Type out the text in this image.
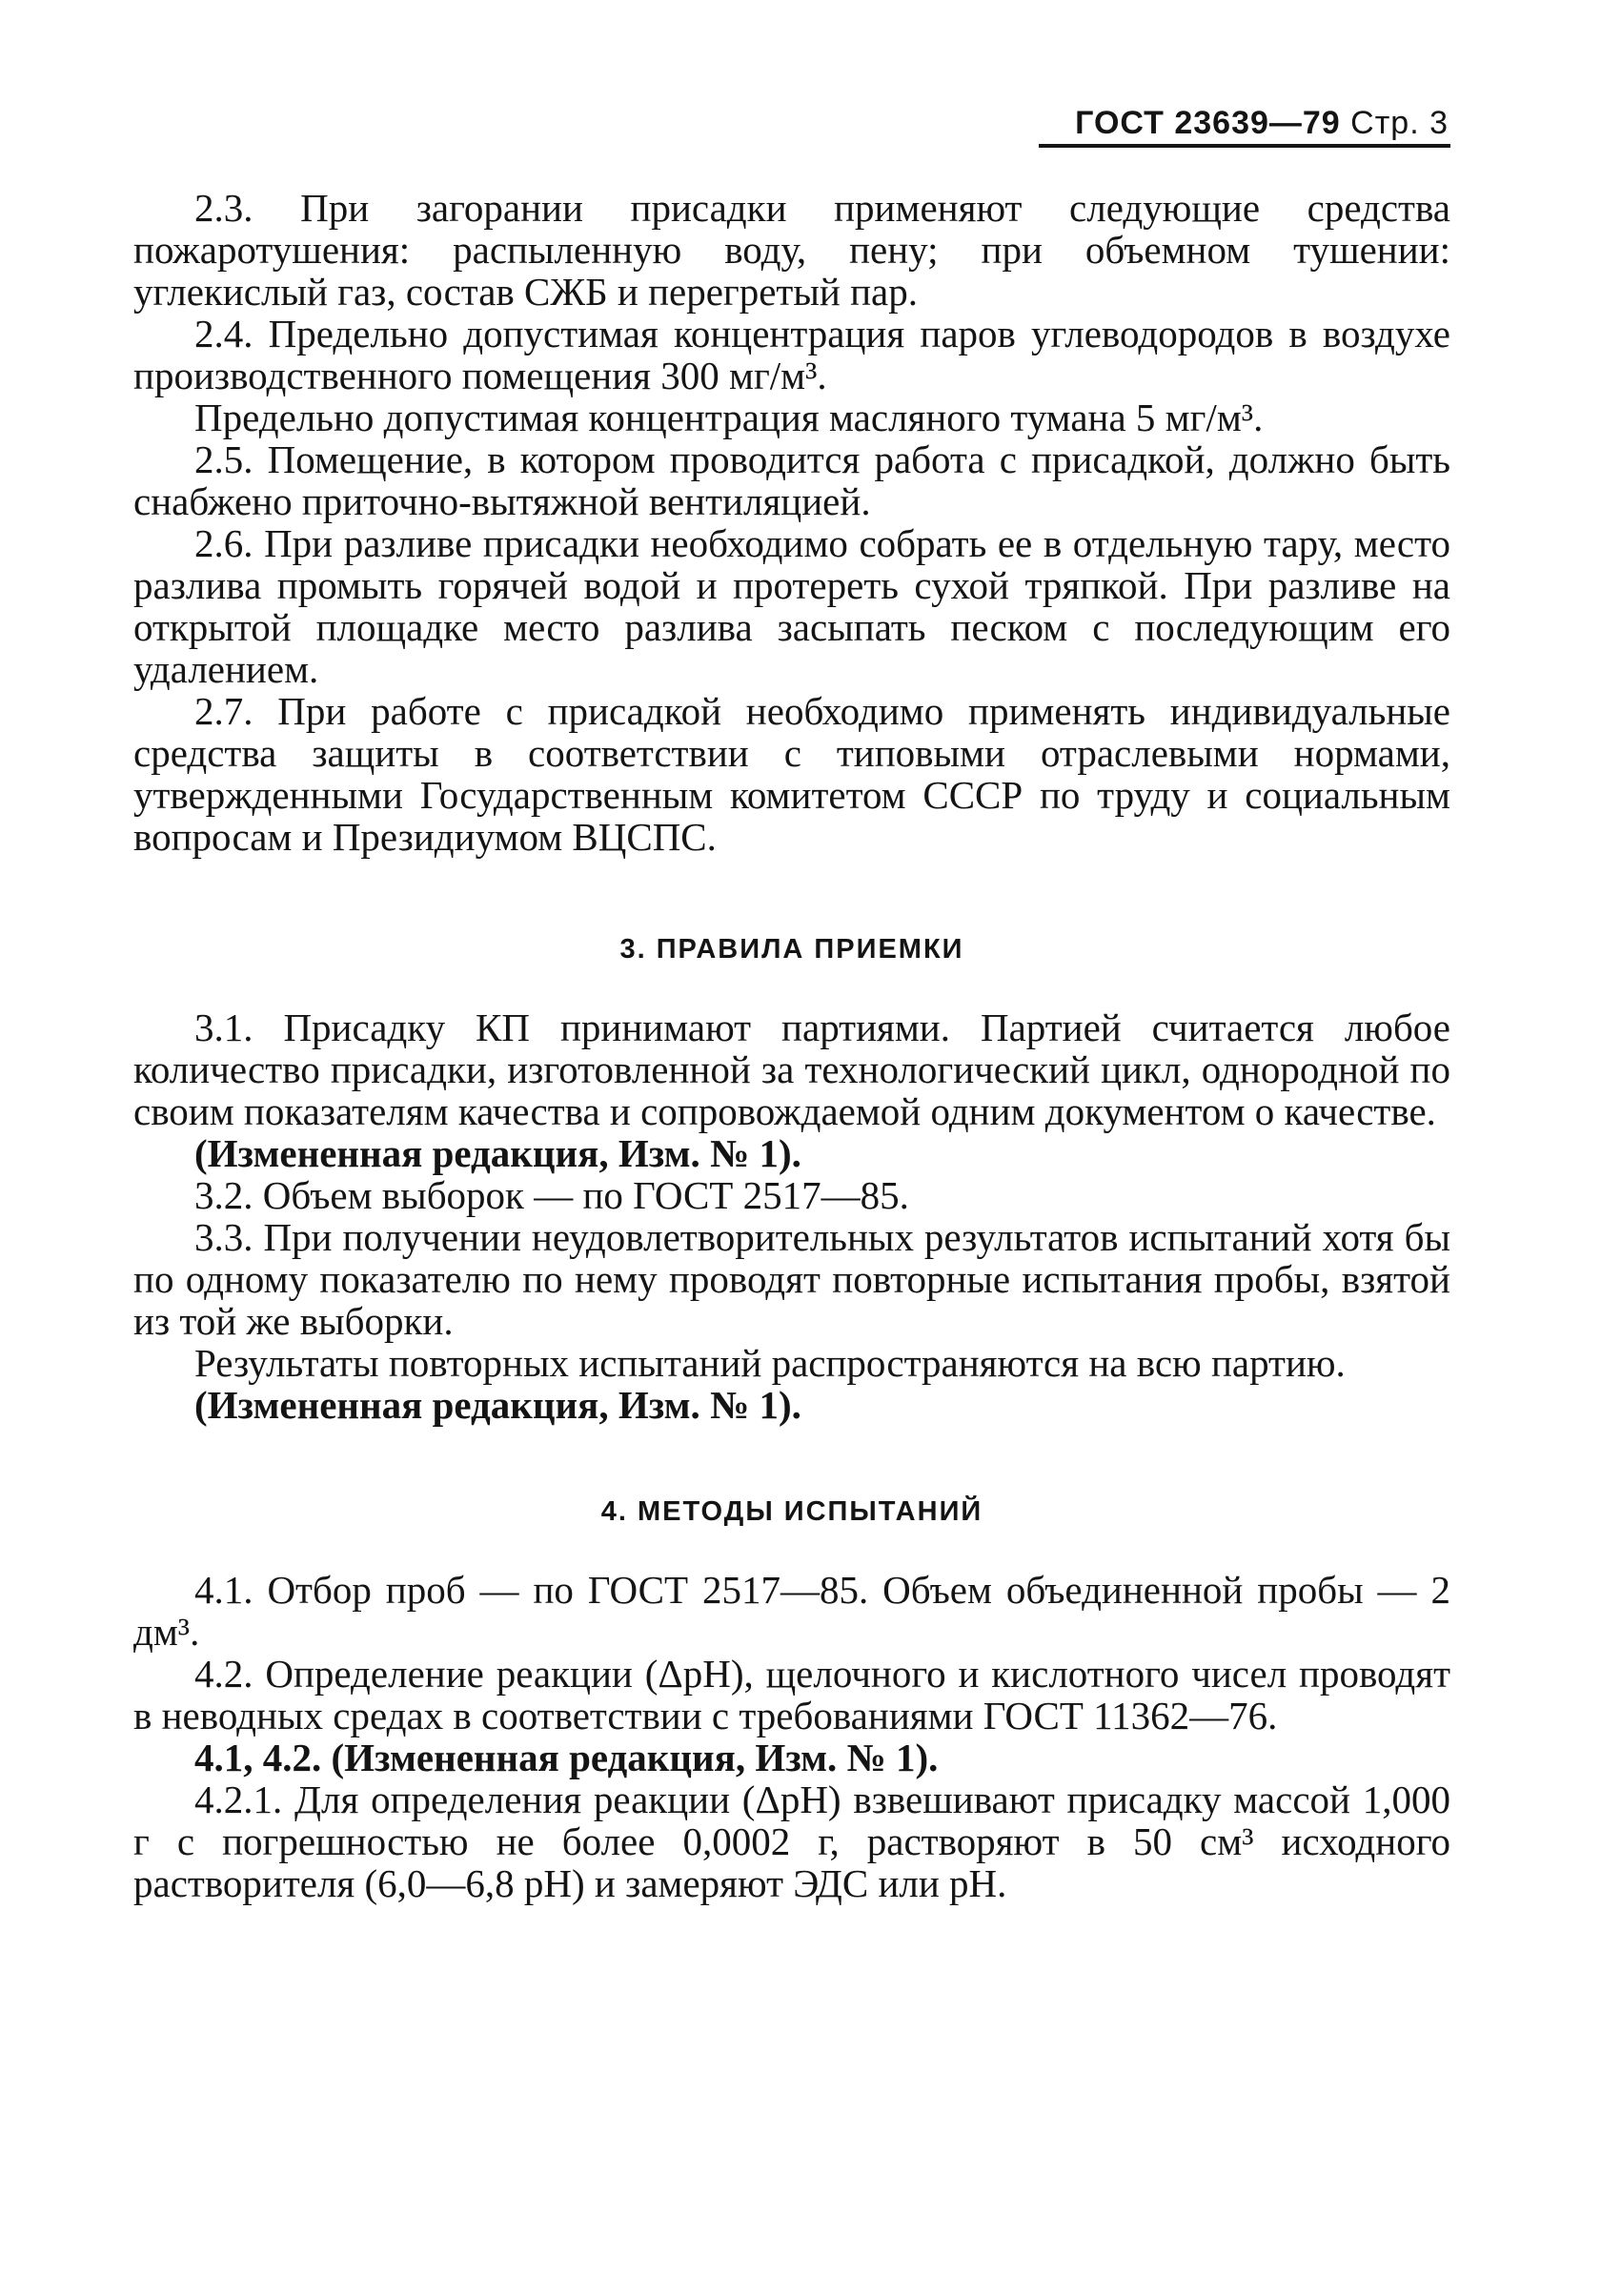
ГОСТ 23639—79 Стр. 3

2.3. При загорании присадки применяют следующие средства пожаротушения: распыленную воду, пену; при объемном тушении: углекислый газ, состав СЖБ и перегретый пар.

2.4. Предельно допустимая концентрация паров углеводородов в воздухе производственного помещения 300 мг/м³.

Предельно допустимая концентрация масляного тумана 5 мг/м³.

2.5. Помещение, в котором проводится работа с присадкой, должно быть снабжено приточно-вытяжной вентиляцией.

2.6. При разливе присадки необходимо собрать ее в отдельную тару, место разлива промыть горячей водой и протереть сухой тряпкой. При разливе на открытой площадке место разлива засыпать песком с последующим его удалением.

2.7. При работе с присадкой необходимо применять индивидуальные средства защиты в соответствии с типовыми отраслевыми нормами, утвержденными Государственным комитетом СССР по труду и социальным вопросам и Президиумом ВЦСПС.

3. ПРАВИЛА ПРИЕМКИ

3.1. Присадку КП принимают партиями. Партией считается любое количество присадки, изготовленной за технологический цикл, однородной по своим показателям качества и сопровождаемой одним документом о качестве.

(Измененная редакция, Изм. № 1).

3.2. Объем выборок — по ГОСТ 2517—85.

3.3. При получении неудовлетворительных результатов испытаний хотя бы по одному показателю по нему проводят повторные испытания пробы, взятой из той же выборки.

Результаты повторных испытаний распространяются на всю партию.

(Измененная редакция, Изм. № 1).

4. МЕТОДЫ ИСПЫТАНИЙ

4.1. Отбор проб — по ГОСТ 2517—85. Объем объединенной пробы — 2 дм³.

4.2. Определение реакции (ΔpH), щелочного и кислотного чисел проводят в неводных средах в соответствии с требованиями ГОСТ 11362—76.

4.1, 4.2. (Измененная редакция, Изм. № 1).

4.2.1. Для определения реакции (ΔpH) взвешивают присадку массой 1,000 г с погрешностью не более 0,0002 г, растворяют в 50 см³ исходного растворителя (6,0—6,8 pH) и замеряют ЭДС или pH.
